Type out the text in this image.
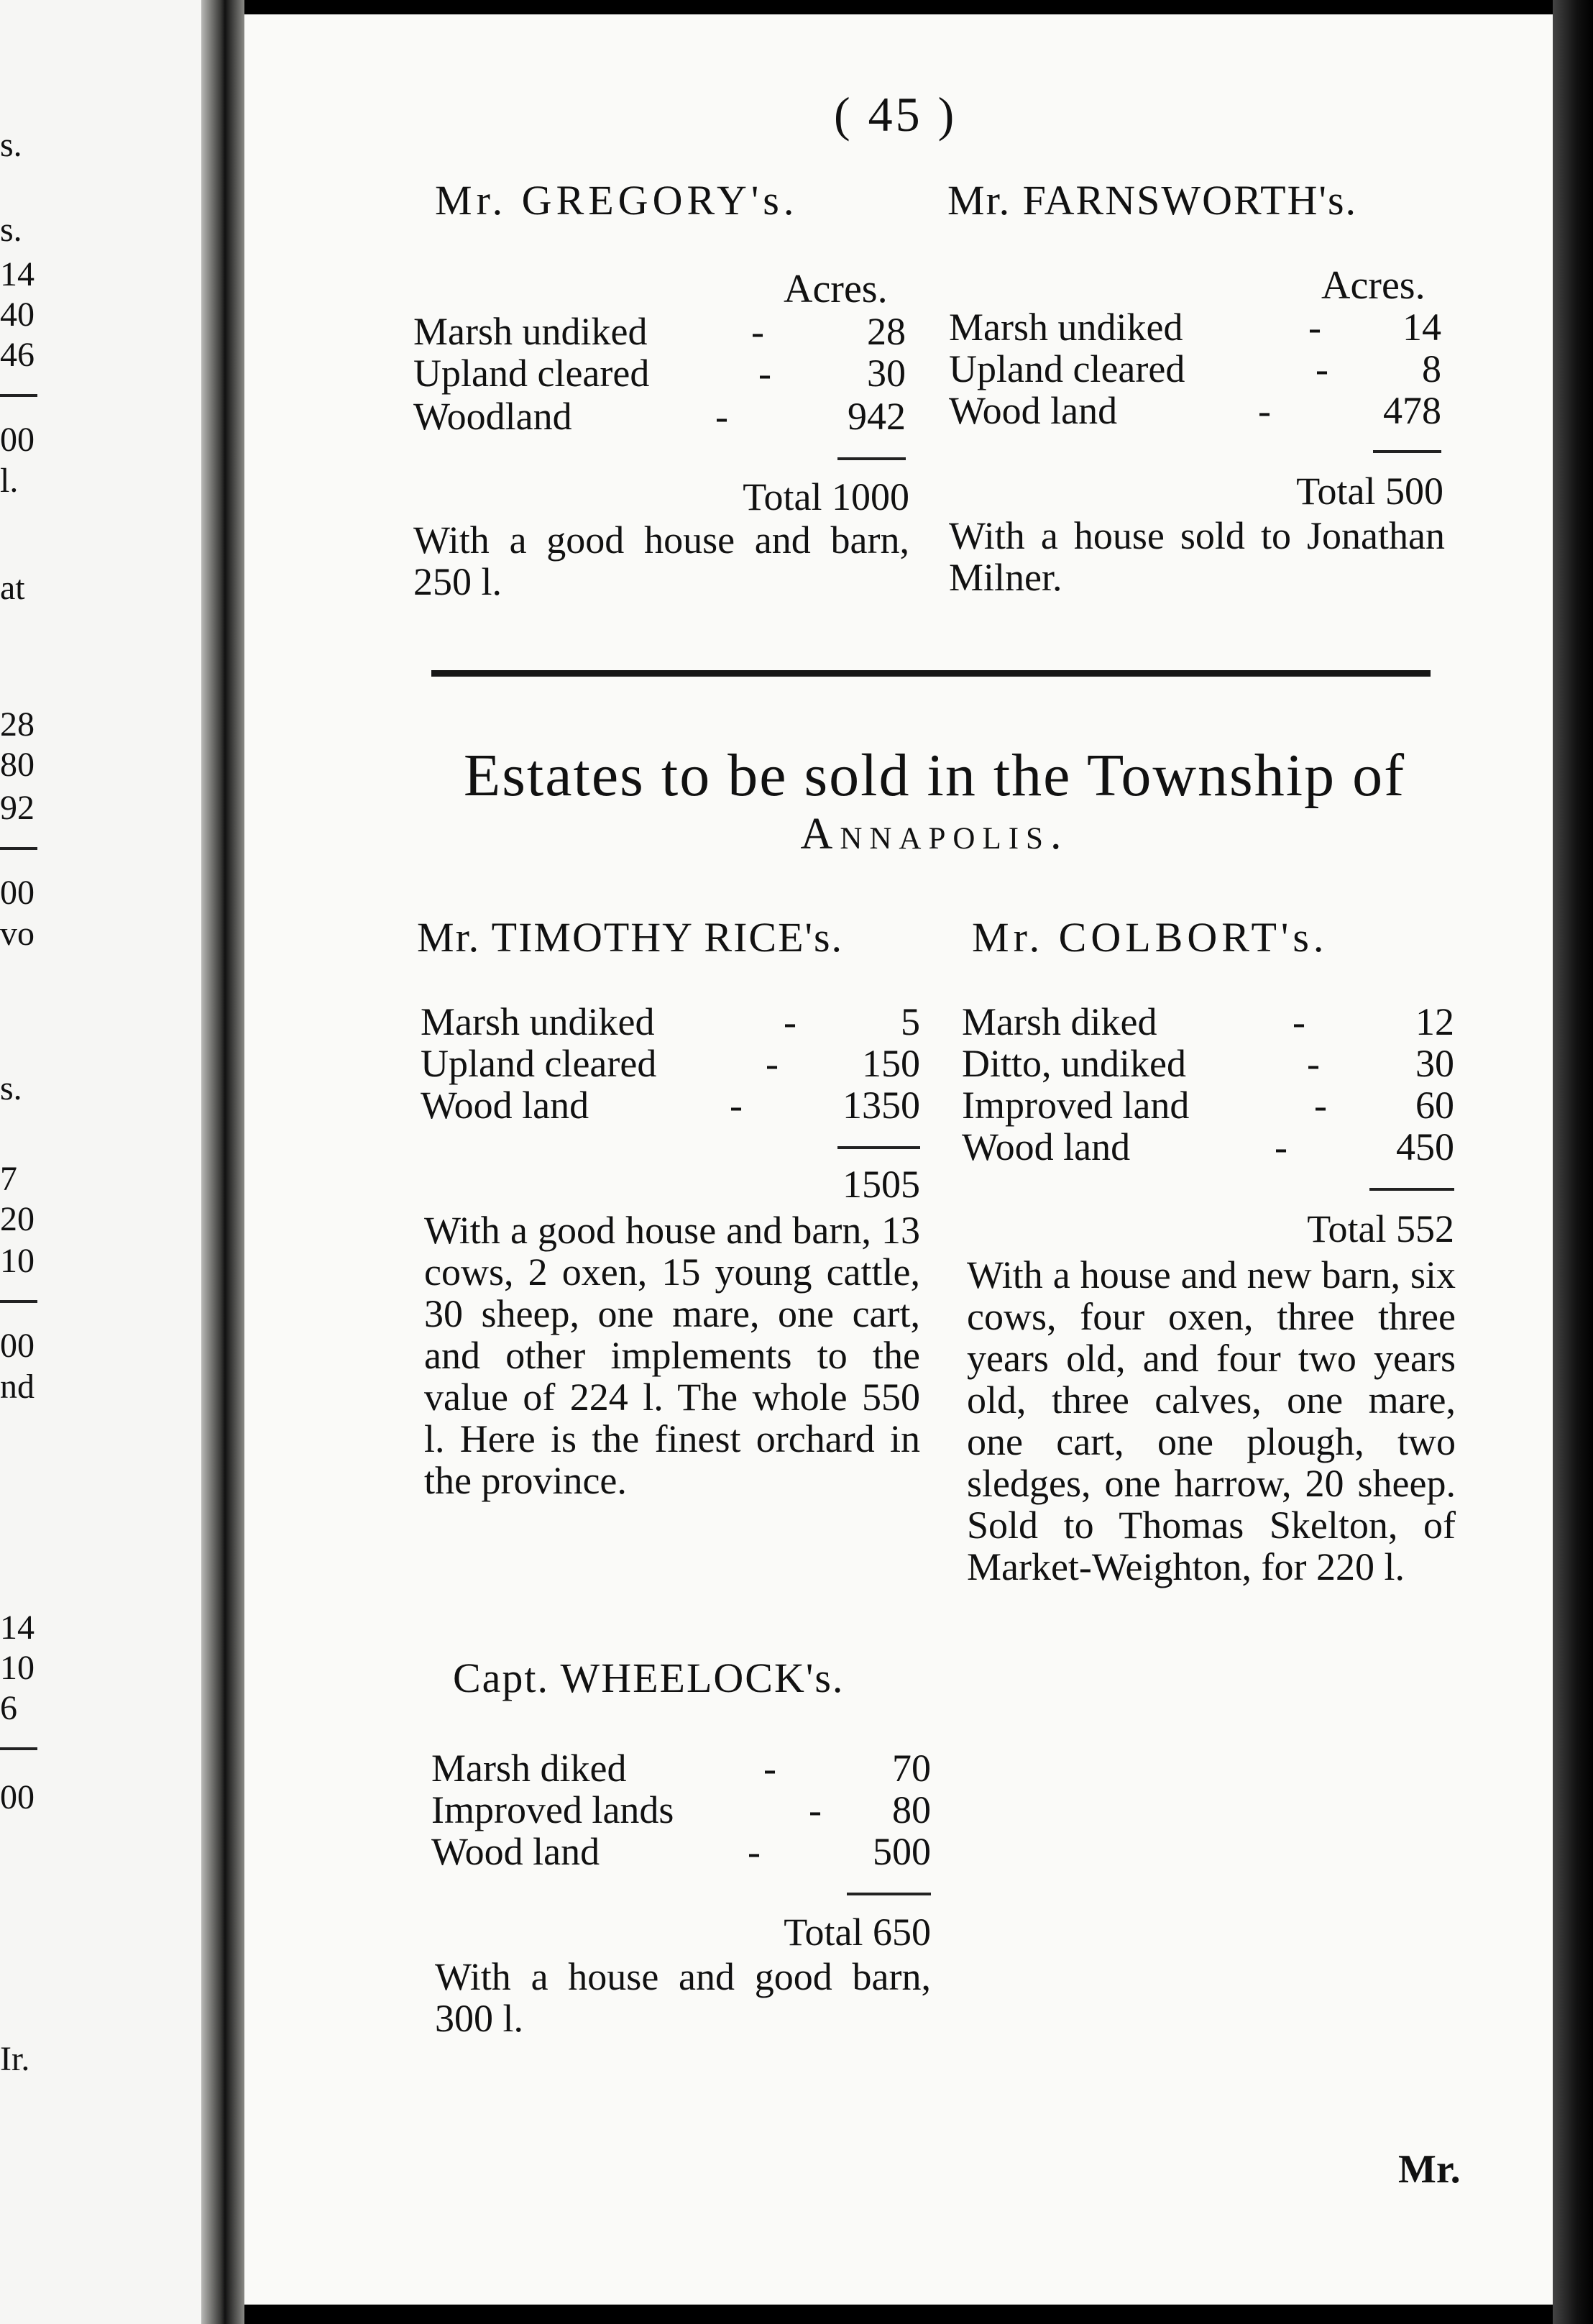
s.
s.
14
40
46
00
l.
at
28
80
92
00
vo
s.
7
20
10
00
nd
14
10
6
00
Ir.
( 45 )
Mr. GREGORY's.
Acres.
Marsh undiked	-	28
Upland cleared	- 30
Woodland	-	942
Total 1000
With a good house and barn, 250 l.
Mr. FARNSWORTH's.
Acres.
Marsh undiked	- 14
Upland cleared	- 8
Wood land	-	478
Total 500
With a house sold to Jonathan Milner.
Estates to be sold in the Township of
Annapolis.
Mr. TIMOTHY RICE's.
Marsh undiked	-	5
Upland cleared	- 150
Wood land	-	1350
1505
With a good house and barn, 13 cows, 2 oxen, 15 young cattle, 30 sheep, one mare, one cart, and other implements to the value of 224 l. The whole 550 l. Here is the finest orchard in the province.
Mr. COLBORT's.
Marsh diked	-	12
Ditto, undiked	- 30
Improved land	- 60
Wood land	-	450
Total 552
With a house and new barn, six cows, four oxen, three three years old, and four two years old, three calves, one mare, one cart, one plough, two sledges, one harrow, 20 sheep. Sold to Thomas Skelton, of Market-Weighton, for 220 l.
Capt. WHEELOCK's.
Marsh diked	-	70
Improved lands	- 80
Wood land	-	500
Total 650
With a house and good barn, 300 l.
Mr.
